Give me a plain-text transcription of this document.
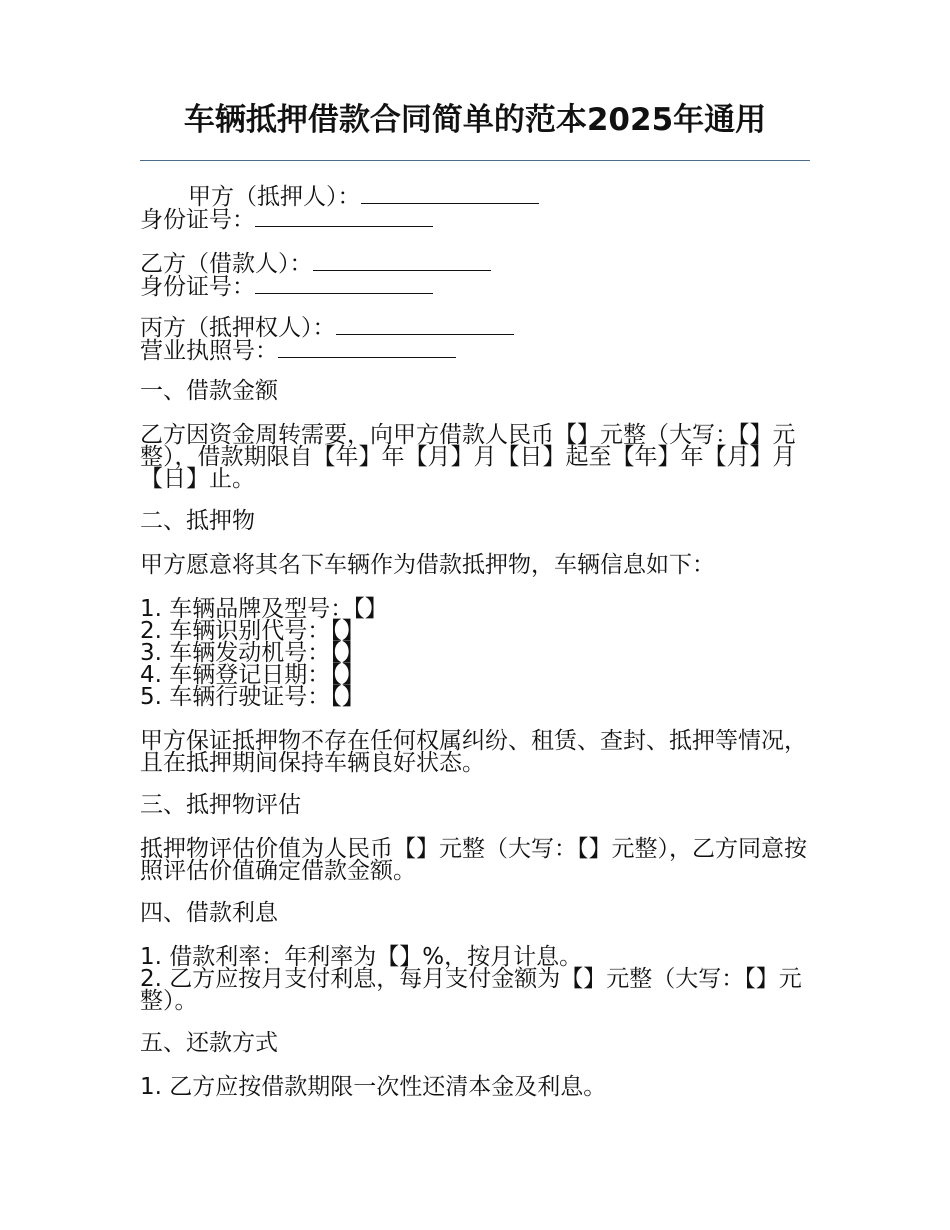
车辆抵押借款合同简单的范本2025年通用

甲方（抵押人）：

身份证号：

乙方（借款人）：

身份证号：

丙方（抵押权人）：

营业执照号：

一、借款金额

乙方因资金周转需要，向甲方借款人民币【】元整（大写：【】元整），借款期限自【年】年【月】月【日】起至【年】年【月】月【日】止。

二、抵押物

甲方愿意将其名下车辆作为借款抵押物，车辆信息如下：

1. 车辆品牌及型号：【】

2. 车辆识别代号：【】

3. 车辆发动机号：【】

4. 车辆登记日期：【】

5. 车辆行驶证号：【】

甲方保证抵押物不存在任何权属纠纷、租赁、查封、抵押等情况，且在抵押期间保持车辆良好状态。

三、抵押物评估

抵押物评估价值为人民币【】元整（大写：【】元整），乙方同意按照评估价值确定借款金额。

四、借款利息

1. 借款利率：年利率为【】%，按月计息。

2. 乙方应按月支付利息，每月支付金额为【】元整（大写：【】元整）。

五、还款方式

1. 乙方应按借款期限一次性还清本金及利息。
